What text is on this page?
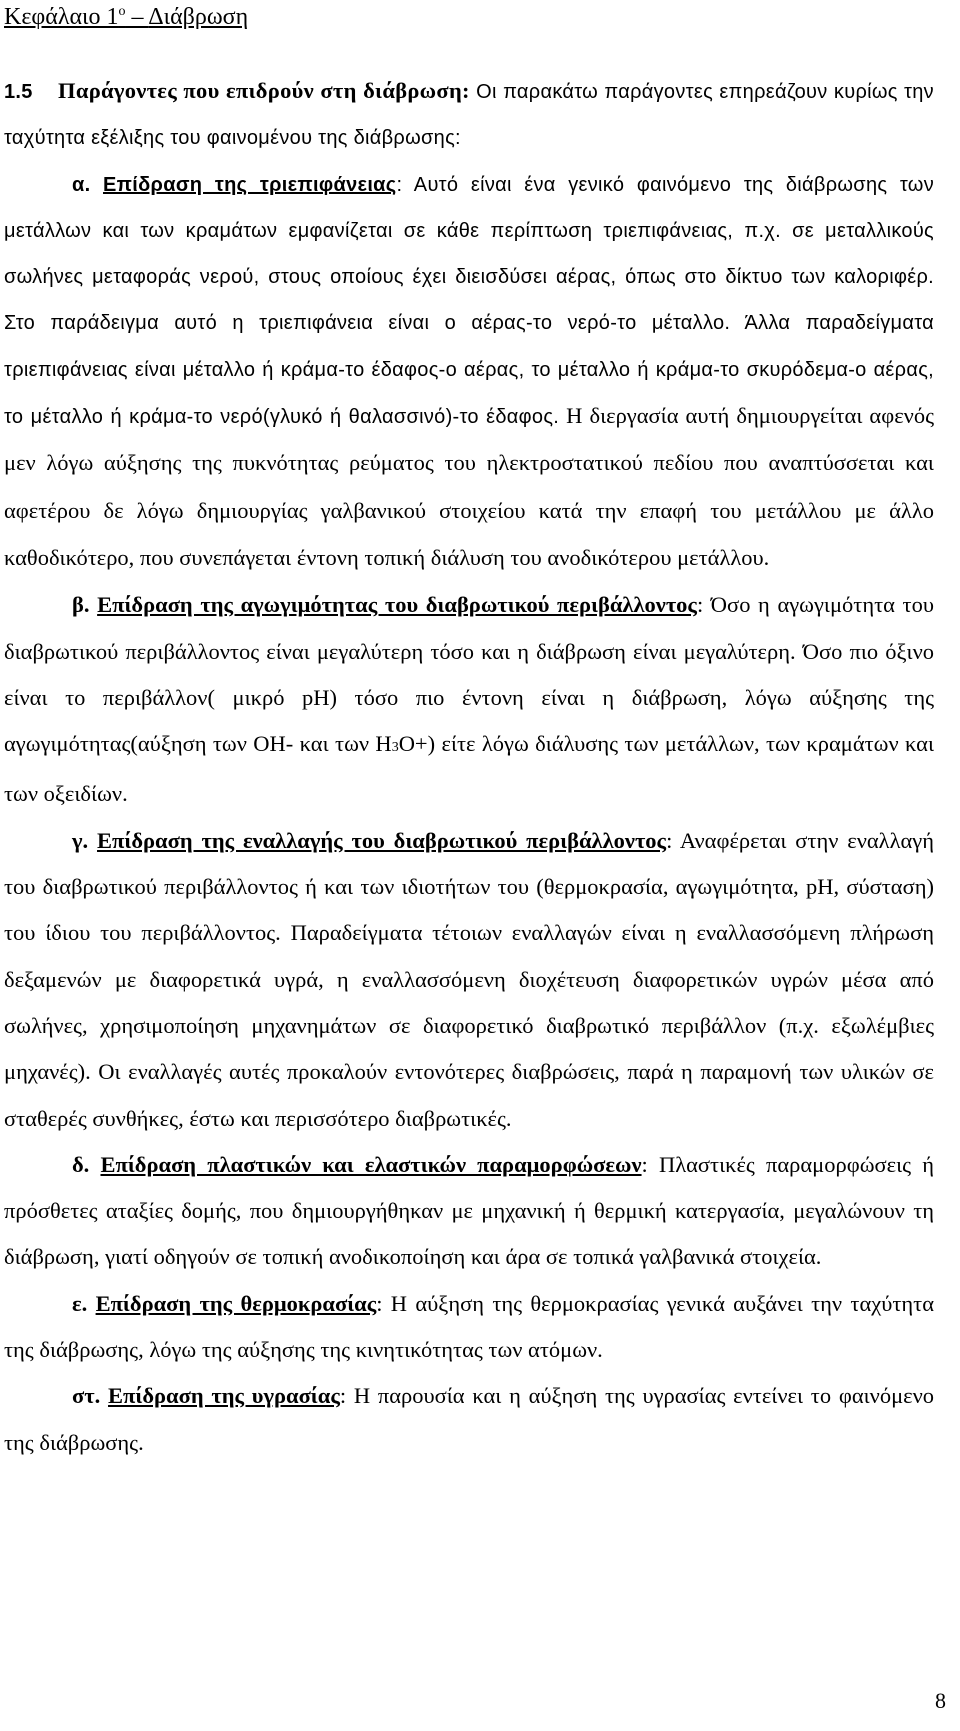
Κεφάλαιο $1^o$ – Διάβρωση

1.5 Παράγοντες που επιδρούν στη διάβρωση: Οι παρακάτω παράγοντες επηρεάζουν κυρίως την ταχύτητα εξέλιξης του φαινομένου της διάβρωσης:

α. Επίδραση της τριεπιφάνειας: Αυτό είναι ένα γενικό φαινόμενο της διάβρωσης των μετάλλων και των κραμάτων εμφανίζεται σε κάθε περίπτωση τριεπιφάνειας, π.χ. σε μεταλλικούς σωλήνες μεταφοράς νερού, στους οποίους έχει διεισδύσει αέρας, όπως στο δίκτυο των καλοριφέρ. Στο παράδειγμα αυτό η τριεπιφάνεια είναι ο αέρας-το νερό-το μέταλλο. Άλλα παραδείγματα τριεπιφάνειας είναι μέταλλο ή κράμα-το έδαφος-ο αέρας, το μέταλλο ή κράμα-το σκυρόδεμα-ο αέρας, το μέταλλο ή κράμα-το νερό(γλυκό ή θαλασσινό)-το έδαφος. Η διεργασία αυτή δημιουργείται αφενός μεν λόγω αύξησης της πυκνότητας ρεύματος του ηλεκτροστατικού πεδίου που αναπτύσσεται και αφετέρου δε λόγω δημιουργίας γαλβανικού στοιχείου κατά την επαφή του μετάλλου με άλλο καθοδικότερο, που συνεπάγεται έντονη τοπική διάλυση του ανοδικότερου μετάλλου.

β. Επίδραση της αγωγιμότητας του διαβρωτικού περιβάλλοντος: Όσο η αγωγιμότητα του διαβρωτικού περιβάλλοντος είναι μεγαλύτερη τόσο και η διάβρωση είναι μεγαλύτερη. Όσο πιο όξινο είναι το περιβάλλον( μικρό pH) τόσο πιο έντονη είναι η διάβρωση, λόγω αύξησης της αγωγιμότητας(αύξηση των OH- και των H3O+) είτε λόγω διάλυσης των μετάλλων, των κραμάτων και των οξειδίων.

γ. Επίδραση της εναλλαγής του διαβρωτικού περιβάλλοντος: Αναφέρεται στην εναλλαγή του διαβρωτικού περιβάλλοντος ή και των ιδιοτήτων του (θερμοκρασία, αγωγιμότητα, pH, σύσταση) του ίδιου του περιβάλλοντος. Παραδείγματα τέτοιων εναλλαγών είναι η εναλλασσόμενη πλήρωση δεξαμενών με διαφορετικά υγρά, η εναλλασσόμενη διοχέτευση διαφορετικών υγρών μέσα από σωλήνες, χρησιμοποίηση μηχανημάτων σε διαφορετικό διαβρωτικό περιβάλλον (π.χ. εξωλέμβιες μηχανές). Οι εναλλαγές αυτές προκαλούν εντονότερες διαβρώσεις, παρά η παραμονή των υλικών σε σταθερές συνθήκες, έστω και περισσότερο διαβρωτικές.

δ. Επίδραση πλαστικών και ελαστικών παραμορφώσεων: Πλαστικές παραμορφώσεις ή πρόσθετες αταξίες δομής, που δημιουργήθηκαν με μηχανική ή θερμική κατεργασία, μεγαλώνουν τη διάβρωση, γιατί οδηγούν σε τοπική ανοδικοποίηση και άρα σε τοπικά γαλβανικά στοιχεία.

ε. Επίδραση της θερμοκρασίας: Η αύξηση της θερμοκρασίας γενικά αυξάνει την ταχύτητα της διάβρωσης, λόγω της αύξησης της κινητικότητας των ατόμων.

στ. Επίδραση της υγρασίας: Η παρουσία και η αύξηση της υγρασίας εντείνει το φαινόμενο της διάβρωσης.

8
